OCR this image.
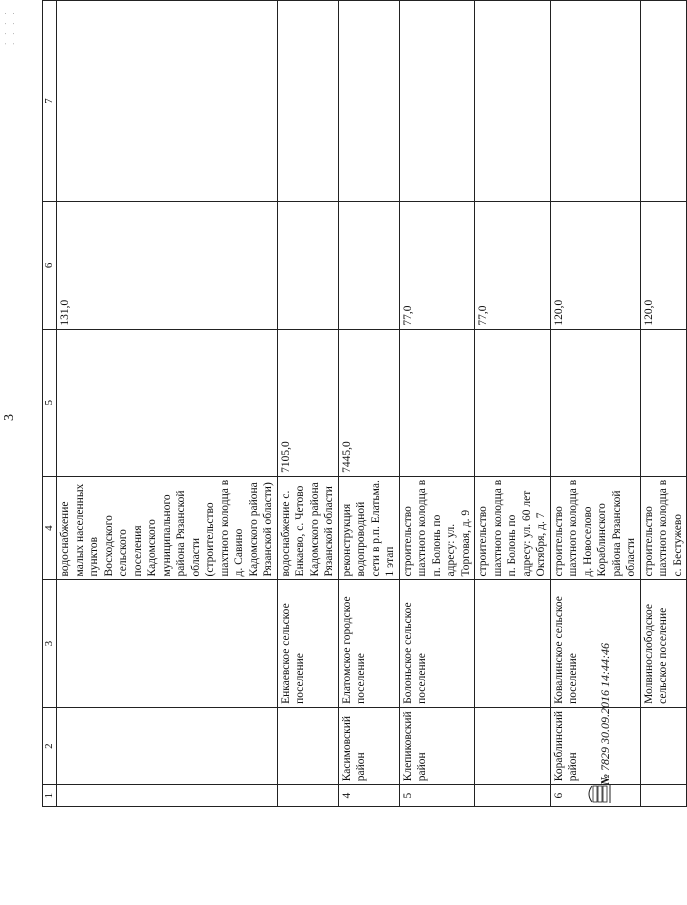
· · · · · · · ·
3
1	2	3	4	5	6	7
			водоснабжение малых населенных пунктов Восходского сельского поселения Кадомского муниципального района Рязанской области (строительство шахтного колодца в д. Савино Кадомского района Рязанской области)		131,0	
		Енкаевское сельское поселение	водоснабжение с. Енкаево, с. Четово Кадомского района Рязанской области	7105,0		
4	Касимовский район	Елатомское городское поселение	реконструкция водопроводной сети в р.п. Елатьма. 1 этап	7445,0		
5	Клепиковский район	Болоньское сельское поселение	строительство шахтного колодца в п. Болонь по адресу: ул. Торговая, д. 9		77,0	
			строительство шахтного колодца в п. Болонь по адресу: ул. 60 лет Октября, д. 7		77,0	
6	Кораблинский район	Ковалинское сельское поселение	строительство шахтного колодца в д. Новоселово Кораблинского района Рязанской области		120,0	
		Молвинослободское сельское поселение	строительство шахтного колодца в с. Бестужево		120,0	
№ 7829 30.09.2016 14:44:46
